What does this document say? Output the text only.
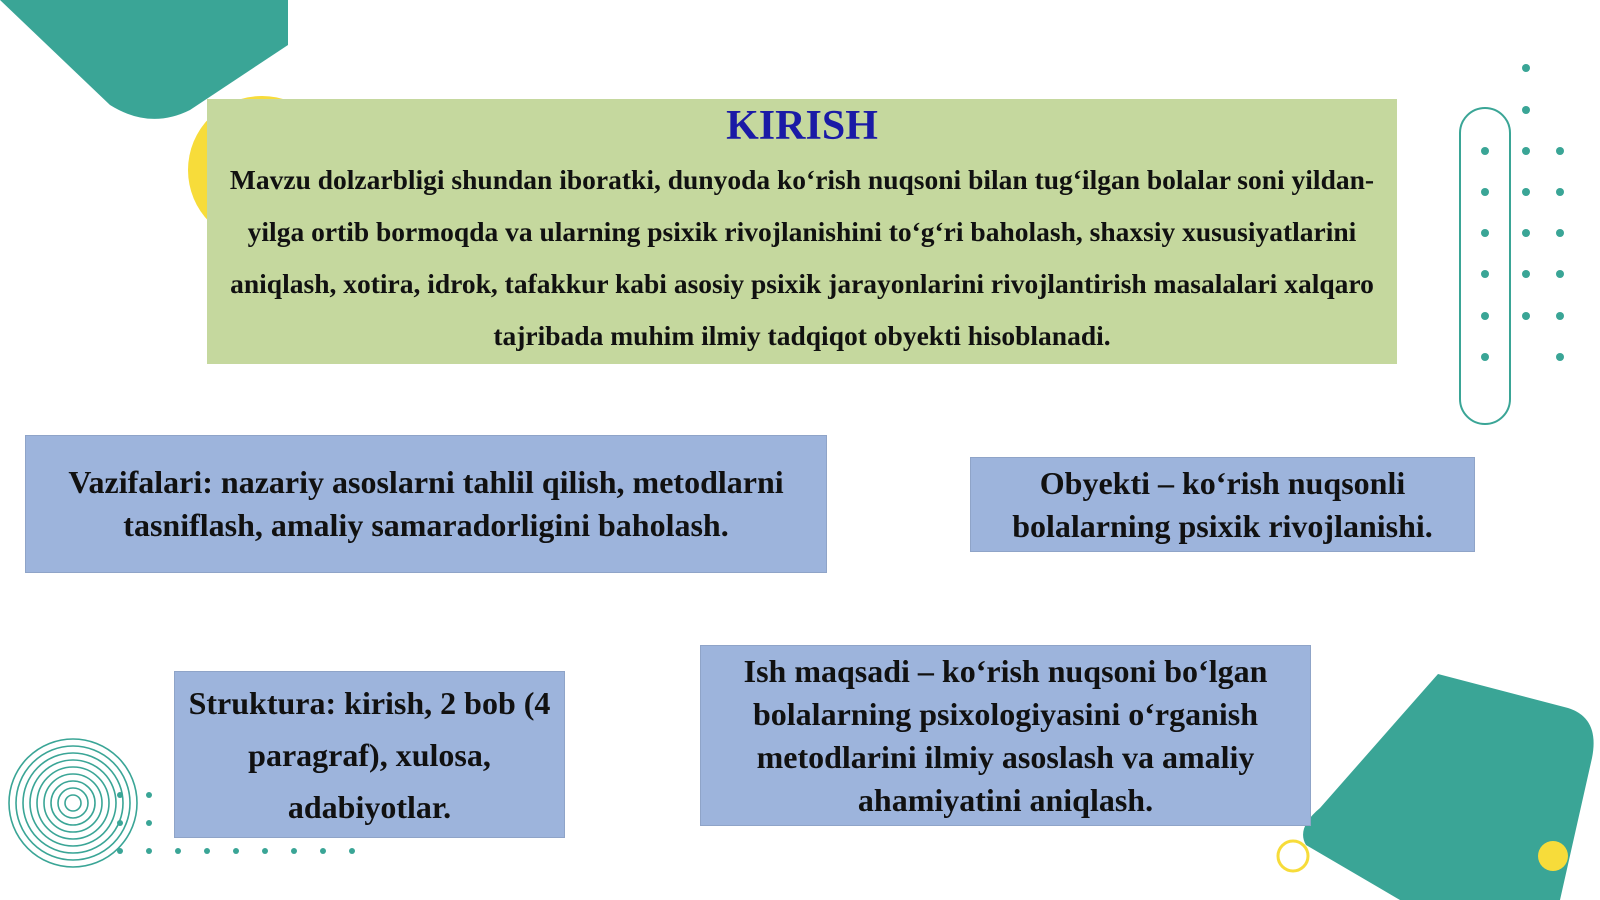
KIRISH
Mavzu dolzarbligi shundan iboratki, dunyoda ko‘rish nuqsoni bilan tug‘ilgan bolalar soni yildan-yilga ortib bormoqda va ularning psixik rivojlanishini to‘g‘ri baholash, shaxsiy xususiyatlarini aniqlash, xotira, idrok, tafakkur kabi asosiy psixik jarayonlarini rivojlantirish masalalari xalqaro tajribada muhim ilmiy tadqiqot obyekti hisoblanadi.
Vazifalari: nazariy asoslarni tahlil qilish, metodlarni tasniflash, amaliy samaradorligini baholash.
Obyekti – ko‘rish nuqsonli bolalarning psixik rivojlanishi.
Struktura: kirish, 2 bob (4 paragraf), xulosa, adabiyotlar.
Ish maqsadi – ko‘rish nuqsoni bo‘lgan bolalarning psixologiyasini o‘rganish metodlarini ilmiy asoslash va amaliy ahamiyatini aniqlash.
